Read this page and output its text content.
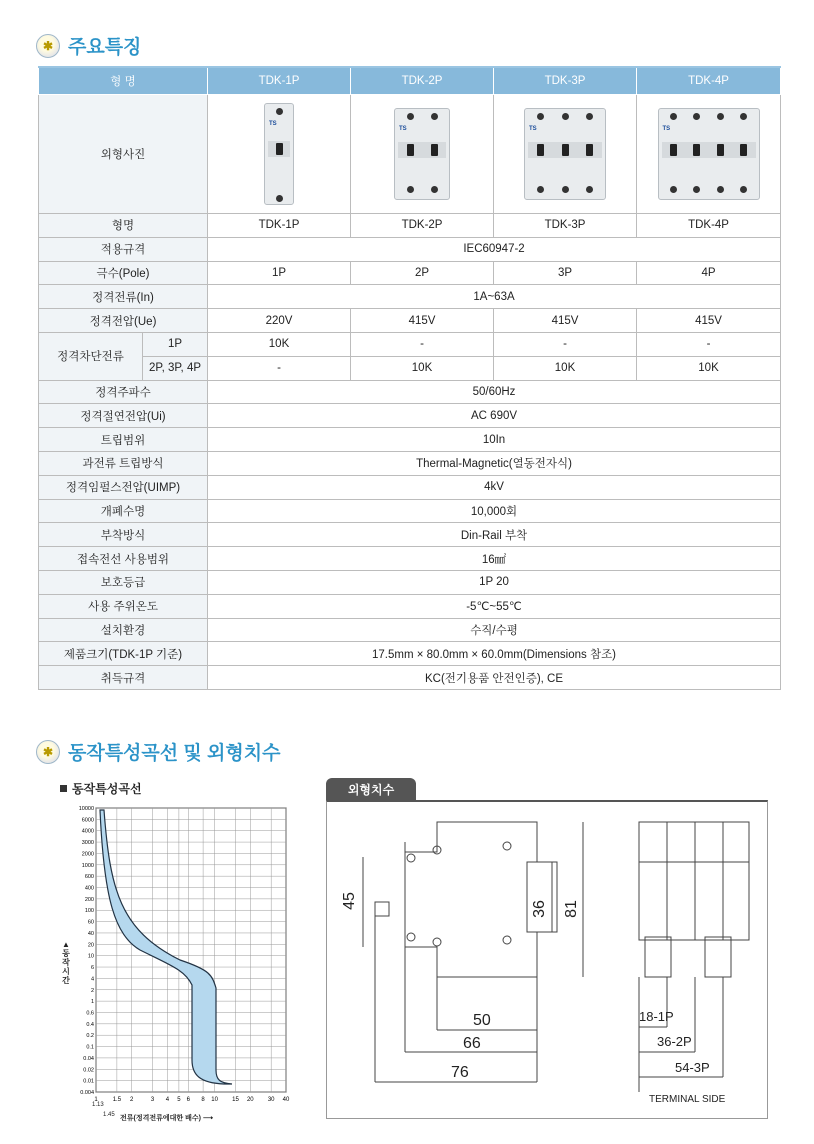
✱ 주요특징
형 명		TDK-1P	TDK-2P	TDK-3P	TDK-4P
외형사진		TS	TS	TS	TS

형명		TDK-1P	TDK-2P	TDK-3P	TDK-4P
적용규격		IEC60947-2			
극수(Pole)		1P	2P	3P	4P
정격전류(In)		1A~63A			
정격전압(Ue)		220V	415V	415V	415V
정격차단전류	1P	10K	-	-	-
	2P, 3P, 4P	-	10K	10K	10K
정격주파수		50/60Hz			
정격절연전압(Ui)		AC 690V			
트립범위		10In			
과전류 트립방식		Thermal-Magnetic(열동전자식)			
정격임펄스전압(UIMP)		4kV			
개폐수명		10,000회			
부착방식		Din-Rail 부착			
접속전선 사용범위		16㎟			
보호등급		1P 20			
사용 주위온도		-5℃~55℃			
설치환경		수직/수평			
제품크기(TDK-1P 기준)		17.5mm × 80.0mm × 60.0mm(Dimensions 참조)			
취득규격		KC(전기용품 안전인증), CE			
✱ 동작특성곡선 및 외형치수
동작특성곡선
▲
동작시간
1	1.5 2	3 4 5 6 8 10 15 20 30 40
10000
6000
4000
3000
2000
1000
600
400
200
100
60
40
20
10
6
4
2
1
0.6
0.4
0.2
0.1
0.04
0.02
0.01
0.004
전류(정격전류에대한 배수) ⟶
1.13
1.45
외형치수
45	36 81
50
66
76
18-1P
36-2P
54-3P
TERMINAL SIDE
